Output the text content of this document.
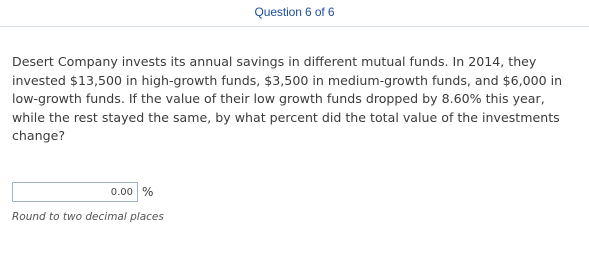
Question 6 of 6

Desert Company invests its annual savings in different mutual funds. In 2014, they invested $13,500 in high-growth funds, $3,500 in medium-growth funds, and $6,000 in low-growth funds. If the value of their low growth funds dropped by 8.60% this year, while the rest stayed the same, by what percent did the total value of the investments change?

0.00
%
Round to two decimal places
